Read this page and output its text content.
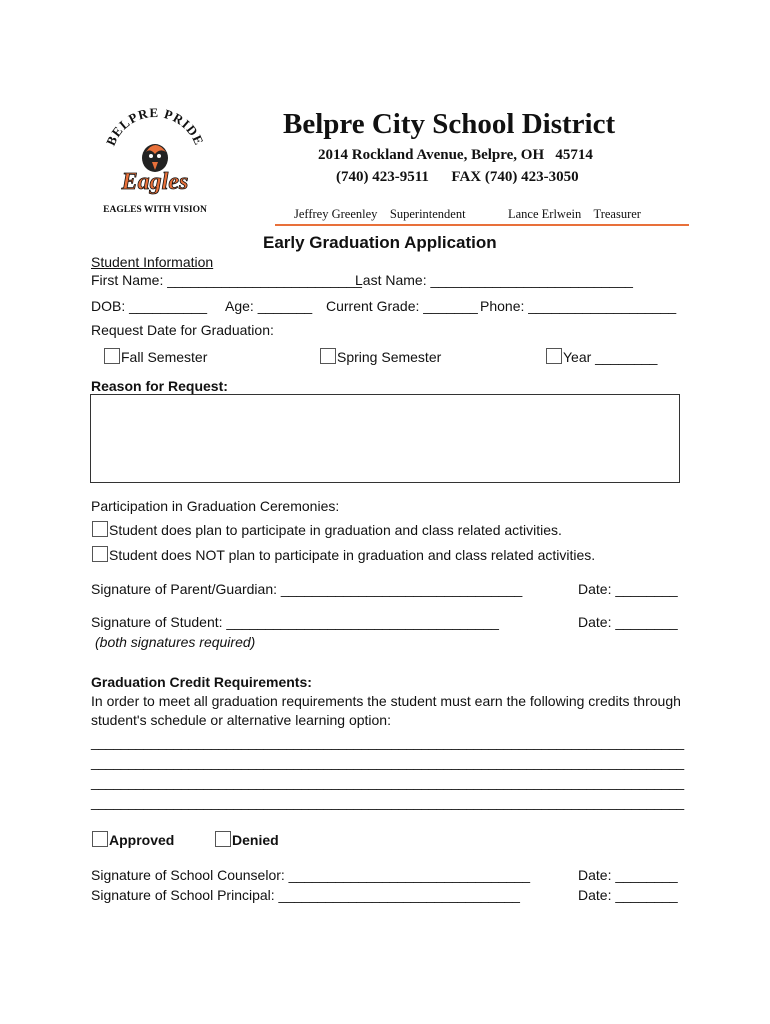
BELPRE PRIDE
Eagles
EAGLES WITH VISION
Belpre City School District
2014 Rockland Avenue, Belpre, OH   45714
(740) 423-9511      FAX (740) 423-3050
Jeffrey Greenley    Superintendent	Lance Erlwein    Treasurer
Early Graduation Application
Student Information
First Name: _________________________
Last Name: __________________________
DOB: __________ Age: _______ Current Grade: _______ Phone: ___________________
Request Date for Graduation:
Fall Semester	Spring Semester	Year ________
Reason for Request:
Participation in Graduation Ceremonies:
Student does plan to participate in graduation and class related activities.
Student does NOT plan to participate in graduation and class related activities.
Signature of Parent/Guardian: _______________________________	Date: ________
Signature of Student: ___________________________________	Date: ________
(both signatures required)
Graduation Credit Requirements:
In order to meet all graduation requirements the student must earn the following credits through
student's schedule or alternative learning option:
_______________________________________________________________________________
_______________________________________________________________________________
_______________________________________________________________________________
_______________________________________________________________________________
Approved	Denied
Signature of School Counselor: _______________________________	Date: ________
Signature of School Principal: _______________________________	Date: ________
